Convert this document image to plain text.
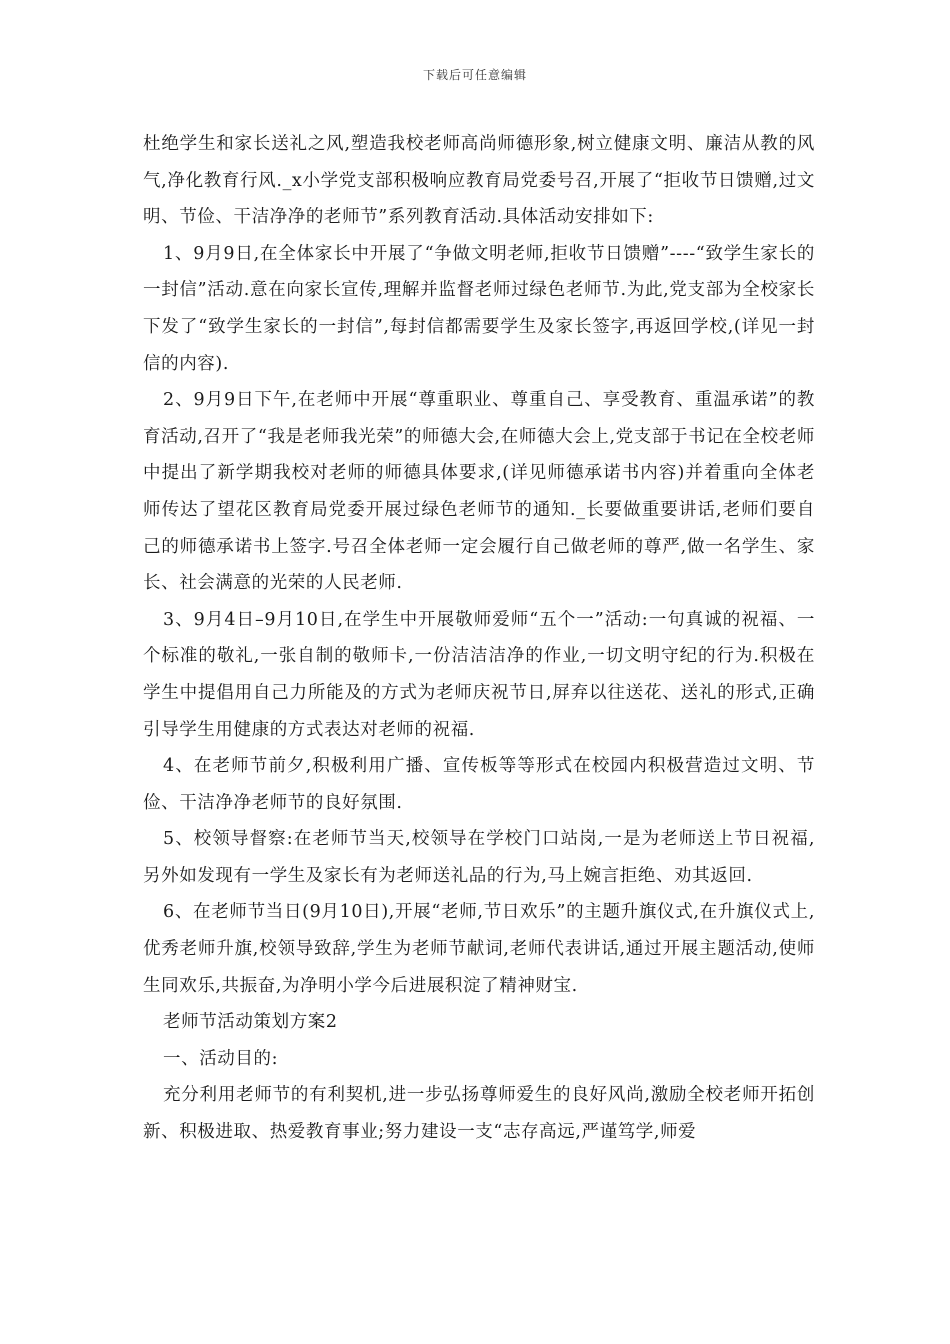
下载后可任意编辑

杜绝学生和家长送礼之风,塑造我校老师高尚师德形象,树立健康文明、廉洁从教的风气,净化教育行风._x小学党支部积极响应教育局党委号召,开展了“拒收节日馈赠,过文明、节俭、干洁净净的老师节”系列教育活动.具体活动安排如下:

1、9月9日,在全体家长中开展了“争做文明老师,拒收节日馈赠”----“致学生家长的一封信”活动.意在向家长宣传,理解并监督老师过绿色老师节.为此,党支部为全校家长下发了“致学生家长的一封信”,每封信都需要学生及家长签字,再返回学校,(详见一封信的内容).

2、9月9日下午,在老师中开展“尊重职业、尊重自己、享受教育、重温承诺”的教育活动,召开了“我是老师我光荣”的师德大会,在师德大会上,党支部于书记在全校老师中提出了新学期我校对老师的师德具体要求,(详见师德承诺书内容)并着重向全体老师传达了望花区教育局党委开展过绿色老师节的通知._长要做重要讲话,老师们要自己的师德承诺书上签字.号召全体老师一定会履行自己做老师的尊严,做一名学生、家长、社会满意的光荣的人民老师.

3、9月4日–9月10日,在学生中开展敬师爱师“五个一”活动:一句真诚的祝福、一个标准的敬礼,一张自制的敬师卡,一份洁洁洁净的作业,一切文明守纪的行为.积极在学生中提倡用自己力所能及的方式为老师庆祝节日,屏弃以往送花、送礼的形式,正确引导学生用健康的方式表达对老师的祝福.

4、在老师节前夕,积极利用广播、宣传板等等形式在校园内积极营造过文明、节俭、干洁净净老师节的良好氛围.

5、校领导督察:在老师节当天,校领导在学校门口站岗,一是为老师送上节日祝福,另外如发现有一学生及家长有为老师送礼品的行为,马上婉言拒绝、劝其返回.

6、在老师节当日(9月10日),开展“老师,节日欢乐”的主题升旗仪式,在升旗仪式上,优秀老师升旗,校领导致辞,学生为老师节献词,老师代表讲话,通过开展主题活动,使师生同欢乐,共振奋,为净明小学今后进展积淀了精神财宝.

老师节活动策划方案2

一、活动目的:

充分利用老师节的有利契机,进一步弘扬尊师爱生的良好风尚,激励全校老师开拓创新、积极进取、热爱教育事业;努力建设一支“志存高远,严谨笃学,师爱
